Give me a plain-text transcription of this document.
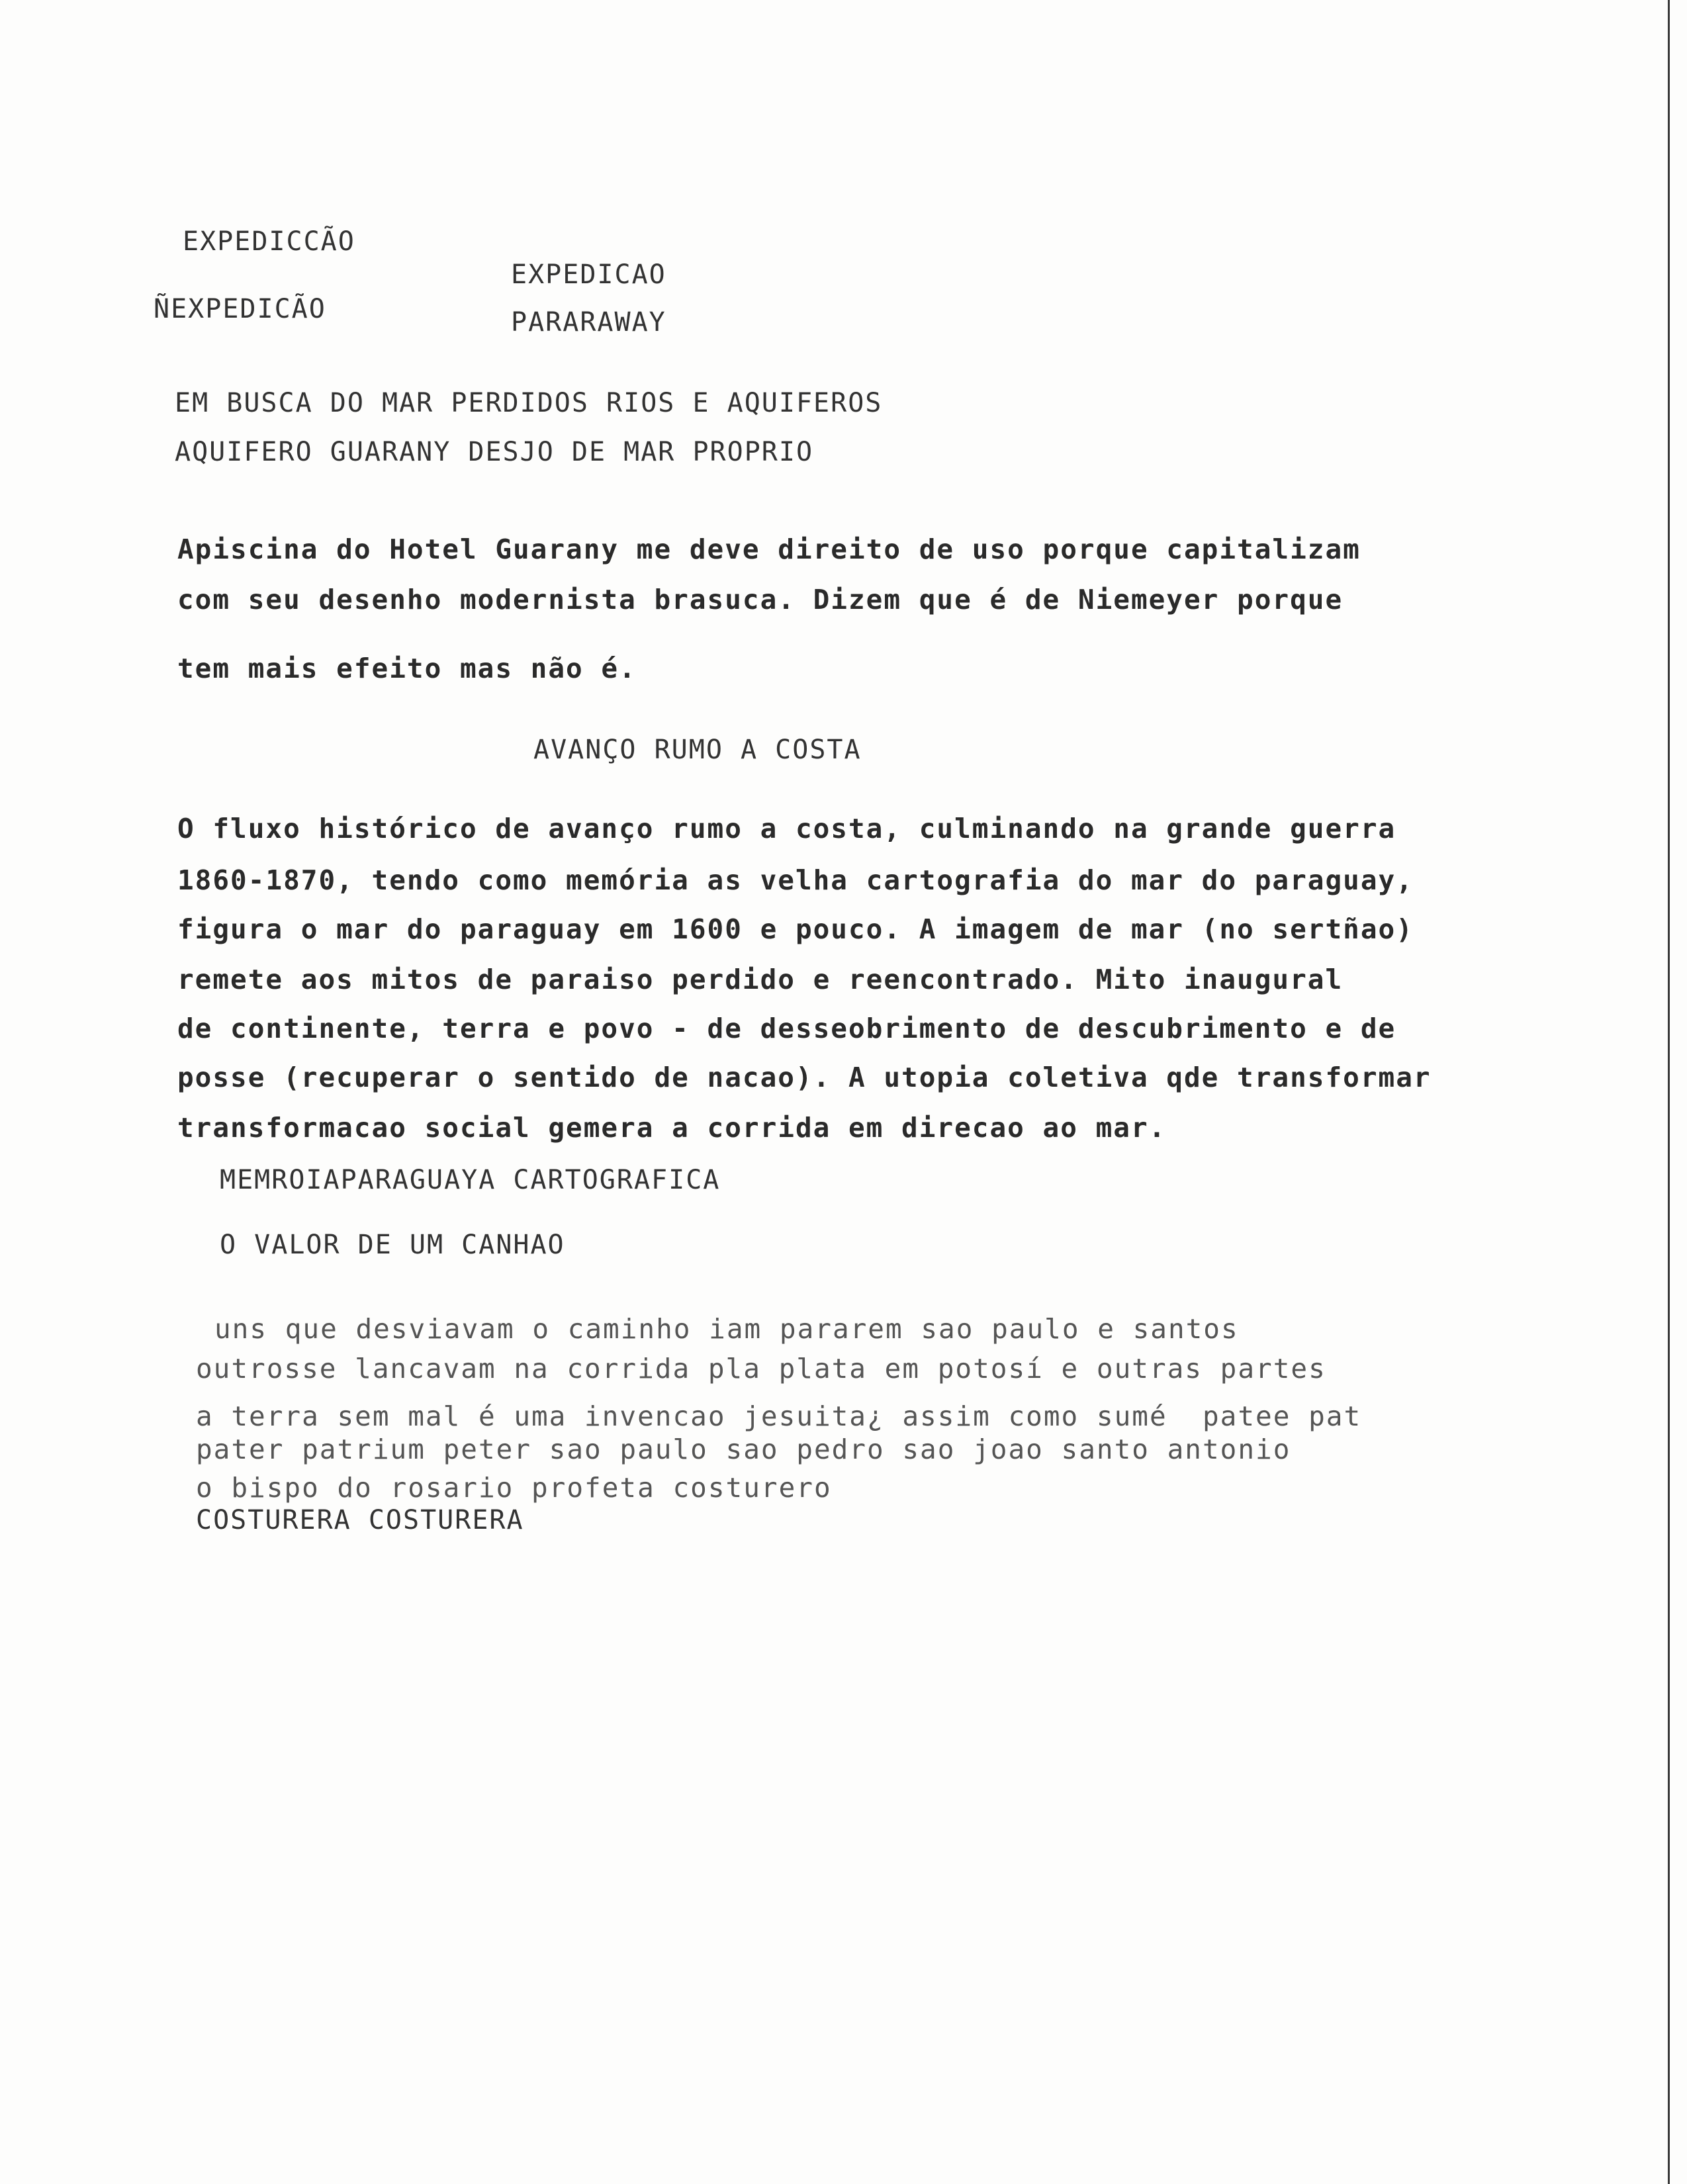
EXPEDICCÃO
ÑEXPEDICÃO
EXPEDICAO
PARARAWAY
EM BUSCA DO MAR PERDIDOS RIOS E AQUIFEROS
AQUIFERO GUARANY DESJO DE MAR PROPRIO
Apiscina do Hotel Guarany me deve direito de uso porque capitalizam
com seu desenho modernista brasuca. Dizem que é de Niemeyer porque
tem mais efeito mas não é.
AVANÇO RUMO A COSTA
O fluxo histórico de avanço rumo a costa, culminando na grande guerra
1860-1870, tendo como memória as velha cartografia do mar do paraguay,
figura o mar do paraguay em 1600 e pouco. A imagem de mar (no sertñao)
remete aos mitos de paraiso perdido e reencontrado. Mito inaugural
de continente, terra e povo - de desseobrimento de descubrimento e de
posse (recuperar o sentido de nacao). A utopia coletiva qde transformar
transformacao social gemera a corrida em direcao ao mar.
MEMROIAPARAGUAYA CARTOGRAFICA
O VALOR DE UM CANHAO
uns que desviavam o caminho iam pararem sao paulo e santos
outrosse lancavam na corrida pla plata em potosí e outras partes
a terra sem mal é uma invencao jesuita¿ assim como sumé  patee pat
pater patrium peter sao paulo sao pedro sao joao santo antonio
o bispo do rosario profeta costurero
COSTURERA COSTURERA
